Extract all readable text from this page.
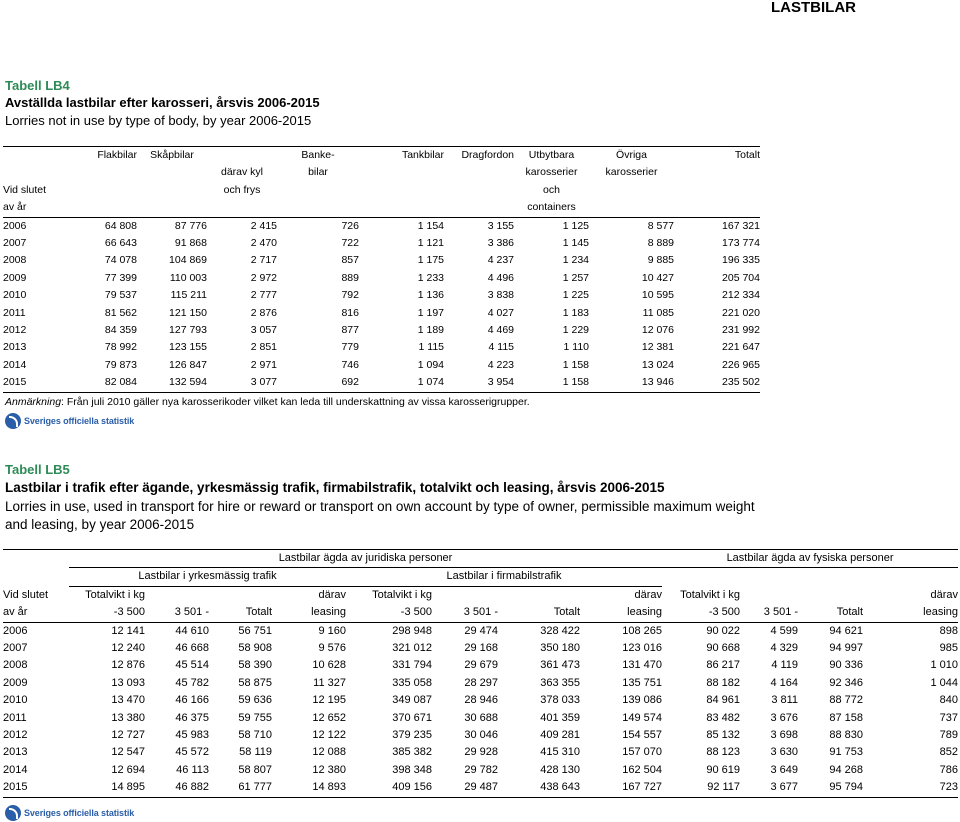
LASTBILAR
Tabell LB4
Avställda lastbilar efter karosseri, årsvis 2006-2015
Lorries not in use by type of body, by year 2006-2015
	Flakbilar	Skåpbilar		Banke-	Tankbilar	Dragfordon	Utbytbara	Övriga	Totalt
			därav kyl	bilar			karosserier	karosserier	
Vid slutet			och frys				och		
av år							containers		
2006	64 808	87 776	2 415	726	1 154	3 155	1 125	8 577	167 321
2007	66 643	91 868	2 470	722	1 121	3 386	1 145	8 889	173 774
2008	74 078	104 869	2 717	857	1 175	4 237	1 234	9 885	196 335
2009	77 399	110 003	2 972	889	1 233	4 496	1 257	10 427	205 704
2010	79 537	115 211	2 777	792	1 136	3 838	1 225	10 595	212 334
2011	81 562	121 150	2 876	816	1 197	4 027	1 183	11 085	221 020
2012	84 359	127 793	3 057	877	1 189	4 469	1 229	12 076	231 992
2013	78 992	123 155	2 851	779	1 115	4 115	1 110	12 381	221 647
2014	79 873	126 847	2 971	746	1 094	4 223	1 158	13 024	226 965
2015	82 084	132 594	3 077	692	1 074	3 954	1 158	13 946	235 502
Anmärkning: Från juli 2010 gäller nya karosserikoder vilket kan leda till underskattning av vissa karosserigrupper.
Sveriges officiella statistik
Tabell LB5
Lastbilar i trafik efter ägande, yrkesmässig trafik, firmabilstrafik, totalvikt och leasing, årsvis 2006-2015
Lorries in use, used in transport for hire or reward or transport on own account by type of owner, permissible maximum weight and leasing, by year 2006-2015
	Lastbilar ägda av juridiska personer								Lastbilar ägda av fysiska personer			
	Lastbilar i yrkesmässig trafik				Lastbilar i firmabilstrafik							
Vid slutet	Totalvikt i kg			därav	Totalvikt i kg			därav	Totalvikt i kg			därav
av år	-3 500	3 501 -	Totalt	leasing	-3 500	3 501 -	Totalt	leasing	-3 500	3 501 -	Totalt	leasing
2006	12 141	44 610	56 751	9 160	298 948	29 474	328 422	108 265	90 022	4 599	94 621	898
2007	12 240	46 668	58 908	9 576	321 012	29 168	350 180	123 016	90 668	4 329	94 997	985
2008	12 876	45 514	58 390	10 628	331 794	29 679	361 473	131 470	86 217	4 119	90 336	1 010
2009	13 093	45 782	58 875	11 327	335 058	28 297	363 355	135 751	88 182	4 164	92 346	1 044
2010	13 470	46 166	59 636	12 195	349 087	28 946	378 033	139 086	84 961	3 811	88 772	840
2011	13 380	46 375	59 755	12 652	370 671	30 688	401 359	149 574	83 482	3 676	87 158	737
2012	12 727	45 983	58 710	12 122	379 235	30 046	409 281	154 557	85 132	3 698	88 830	789
2013	12 547	45 572	58 119	12 088	385 382	29 928	415 310	157 070	88 123	3 630	91 753	852
2014	12 694	46 113	58 807	12 380	398 348	29 782	428 130	162 504	90 619	3 649	94 268	786
2015	14 895	46 882	61 777	14 893	409 156	29 487	438 643	167 727	92 117	3 677	95 794	723
Sveriges officiella statistik
